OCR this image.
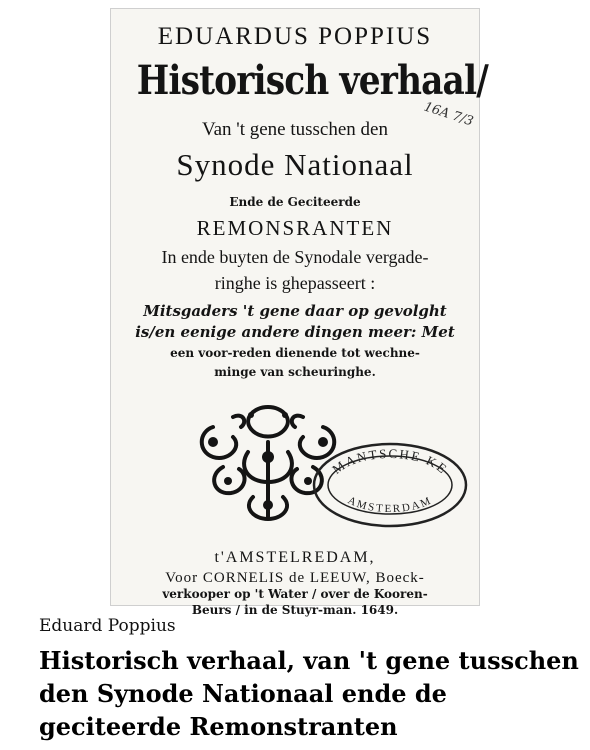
EDUARDUS POPPIUS
Historisch verhaal/
16A 7/3
Van 't gene tusschen den
Synode Nationaal
Ende de Geciteerde
REMONSRANTEN
In ende buyten de Synodale vergade-
ringhe is ghepasseert :
Mitsgaders 't gene daar op gevolght
is/en eenige andere dingen meer: Met
een voor-reden dienende tot wechne-
minge van scheuringhe.
MANTSCHE KE
AMSTERDAM
t'AMSTELREDAM,
Voor CORNELIS de LEEUW, Boeck-
verkooper op 't Water / over de Kooren-
Beurs / in de Stuyr-man. 1649.
Eduard Poppius
Historisch verhaal, van 't gene tusschen den Synode Nationaal ende de geciteerde Remonstranten
